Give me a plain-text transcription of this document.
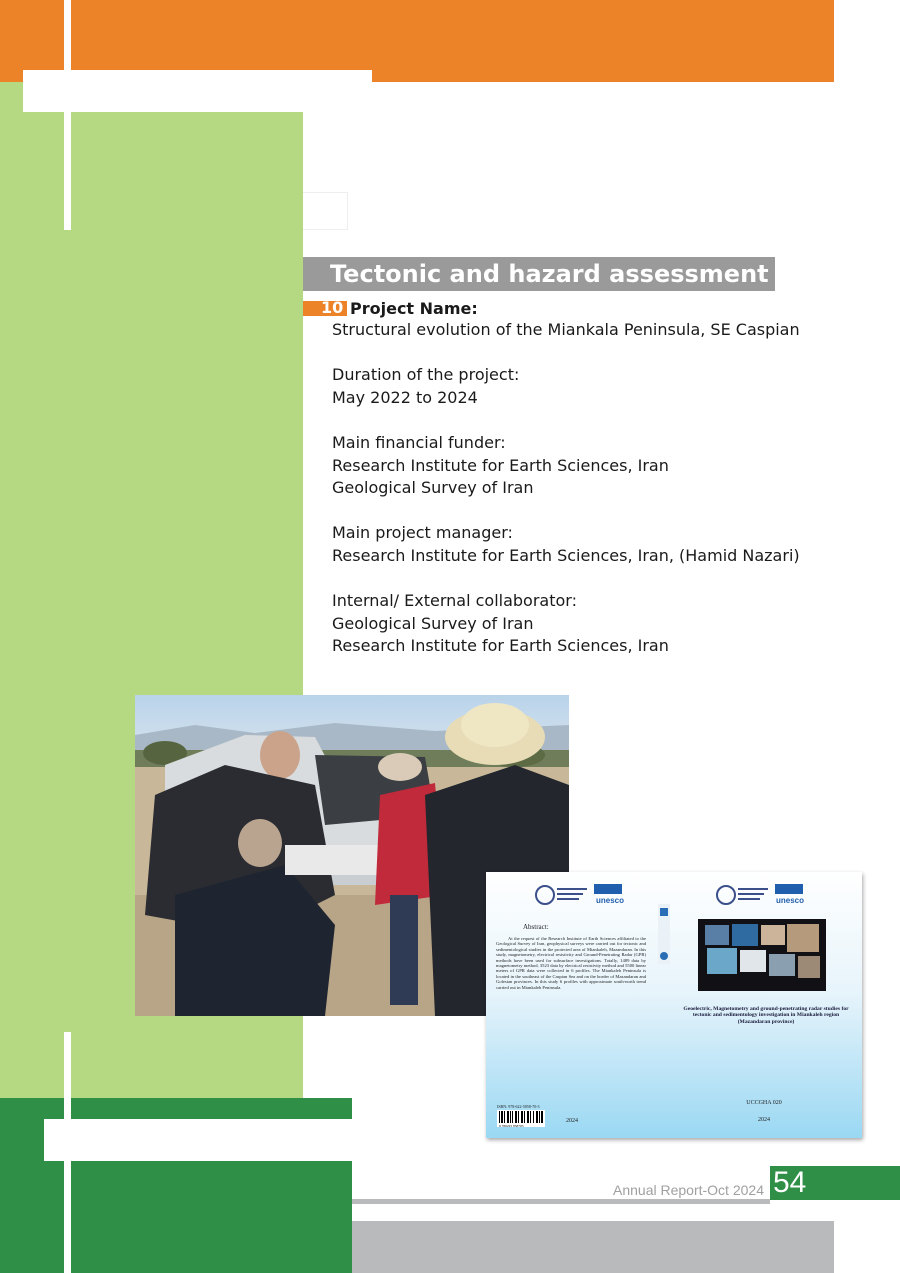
Tectonic and hazard assessment
10 Project Name:
Structural evolution of the Miankala Peninsula, SE Caspian
Duration of the project:
May 2022 to 2024
Main financial funder:
Research Institute for Earth Sciences, Iran
Geological Survey of Iran
Main project manager:
Research Institute for Earth Sciences, Iran, (Hamid Nazari)
Internal/ External collaborator:
Geological Survey of Iran
Research Institute for Earth Sciences, Iran
unesco	unesco
Abstract:
At the request of the Research Institute of Earth Sciences affiliated to the Geological Survey of Iran, geophysical surveys were carried out for tectonic and sedimentological studies in the protected area of Miankaleh, Mazandaran. In this study, magnetometry, electrical resistivity and Ground-Penetrating Radar (GPR) methods have been used for subsurface investigations. Totally, 1489 data by magnetometry method, 3523 data by electrical resistivity method and 5500 linear meters of GPR data were collected in 6 profiles. The Miankaleh Peninsula is located in the southeast of the Caspian Sea and on the border of Mazandaran and Golestan provinces. In this study 6 profiles with approximate south-north trend carried out in Miankaleh Peninsula.
ISBN: 978-622-5858-70-3
9 786225 858703
2024
Geoelectric, Magnetometry and ground-penetrating radar studies for tectonic and sedimentology investigation in Miankaleh region (Mazandaran province)
UCCGHA 020
2024
Annual Report-Oct 2024 54
